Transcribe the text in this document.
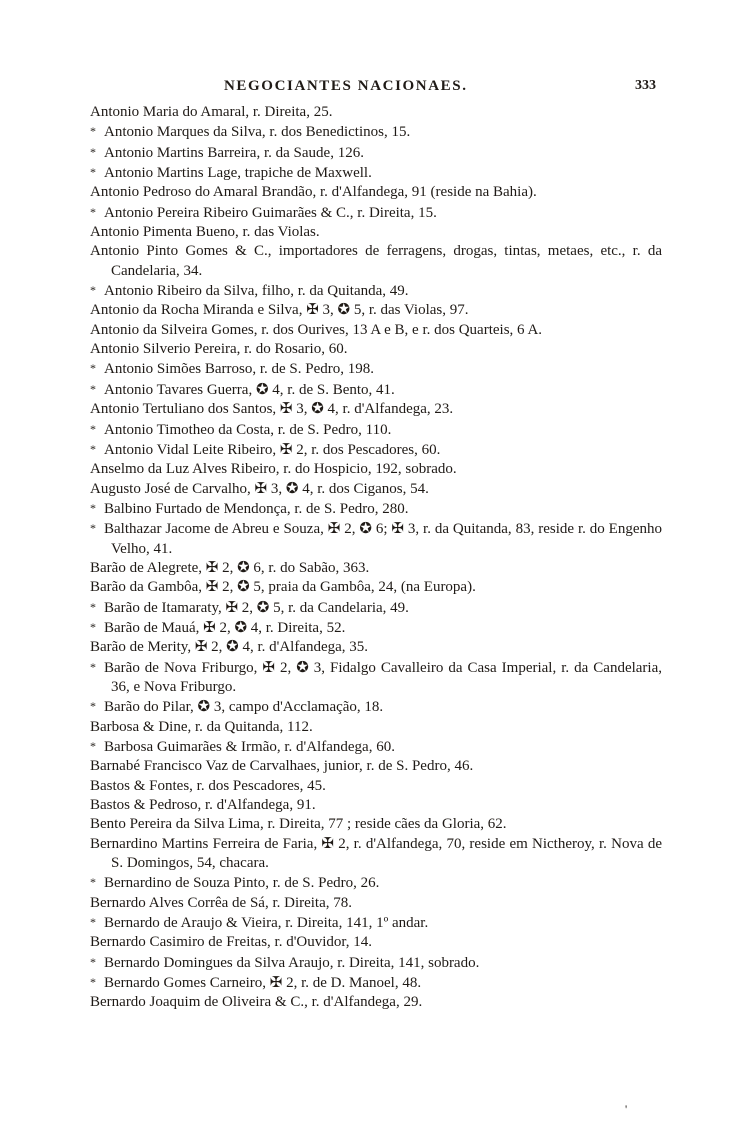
NEGOCIANTES NACIONAES.	333
Antonio Maria do Amaral, r. Direita, 25.
* Antonio Marques da Silva, r. dos Benedictinos, 15.
* Antonio Martins Barreira, r. da Saude, 126.
* Antonio Martins Lage, trapiche de Maxwell.
Antonio Pedroso do Amaral Brandão, r. d'Alfandega, 91 (reside na Bahia).
* Antonio Pereira Ribeiro Guimarães & C., r. Direita, 15.
Antonio Pimenta Bueno, r. das Violas.
Antonio Pinto Gomes & C., importadores de ferragens, drogas, tintas, metaes, etc., r. da Candelaria, 34.
* Antonio Ribeiro da Silva, filho, r. da Quitanda, 49.
Antonio da Rocha Miranda e Silva, ✠ 3, ✪ 5, r. das Violas, 97.
Antonio da Silveira Gomes, r. dos Ourives, 13 A e B, e r. dos Quarteis, 6 A.
Antonio Silverio Pereira, r. do Rosario, 60.
* Antonio Simões Barroso, r. de S. Pedro, 198.
* Antonio Tavares Guerra, ✪ 4, r. de S. Bento, 41.
Antonio Tertuliano dos Santos, ✠ 3, ✪ 4, r. d'Alfandega, 23.
* Antonio Timotheo da Costa, r. de S. Pedro, 110.
* Antonio Vidal Leite Ribeiro, ✠ 2, r. dos Pescadores, 60.
Anselmo da Luz Alves Ribeiro, r. do Hospicio, 192, sobrado.
Augusto José de Carvalho, ✠ 3, ✪ 4, r. dos Ciganos, 54.
* Balbino Furtado de Mendonça, r. de S. Pedro, 280.
* Balthazar Jacome de Abreu e Souza, ✠ 2, ✪ 6; ✠ 3, r. da Quitanda, 83, reside r. do Engenho Velho, 41.
Barão de Alegrete, ✠ 2, ✪ 6, r. do Sabão, 363.
Barão da Gambôa, ✠ 2, ✪ 5, praia da Gambôa, 24, (na Europa).
* Barão de Itamaraty, ✠ 2, ✪ 5, r. da Candelaria, 49.
* Barão de Mauá, ✠ 2, ✪ 4, r. Direita, 52.
Barão de Merity, ✠ 2, ✪ 4, r. d'Alfandega, 35.
* Barão de Nova Friburgo, ✠ 2, ✪ 3, Fidalgo Cavalleiro da Casa Imperial, r. da Candelaria, 36, e Nova Friburgo.
* Barão do Pilar, ✪ 3, campo d'Acclamação, 18.
Barbosa & Dine, r. da Quitanda, 112.
* Barbosa Guimarães & Irmão, r. d'Alfandega, 60.
Barnabé Francisco Vaz de Carvalhaes, junior, r. de S. Pedro, 46.
Bastos & Fontes, r. dos Pescadores, 45.
Bastos & Pedroso, r. d'Alfandega, 91.
Bento Pereira da Silva Lima, r. Direita, 77 ; reside cães da Gloria, 62.
Bernardino Martins Ferreira de Faria, ✠ 2, r. d'Alfandega, 70, reside em Nictheroy, r. Nova de S. Domingos, 54, chacara.
* Bernardino de Souza Pinto, r. de S. Pedro, 26.
Bernardo Alves Corrêa de Sá, r. Direita, 78.
* Bernardo de Araujo & Vieira, r. Direita, 141, 1º andar.
Bernardo Casimiro de Freitas, r. d'Ouvidor, 14.
* Bernardo Domingues da Silva Araujo, r. Direita, 141, sobrado.
* Bernardo Gomes Carneiro, ✠ 2, r. de D. Manoel, 48.
Bernardo Joaquim de Oliveira & C., r. d'Alfandega, 29.
'
